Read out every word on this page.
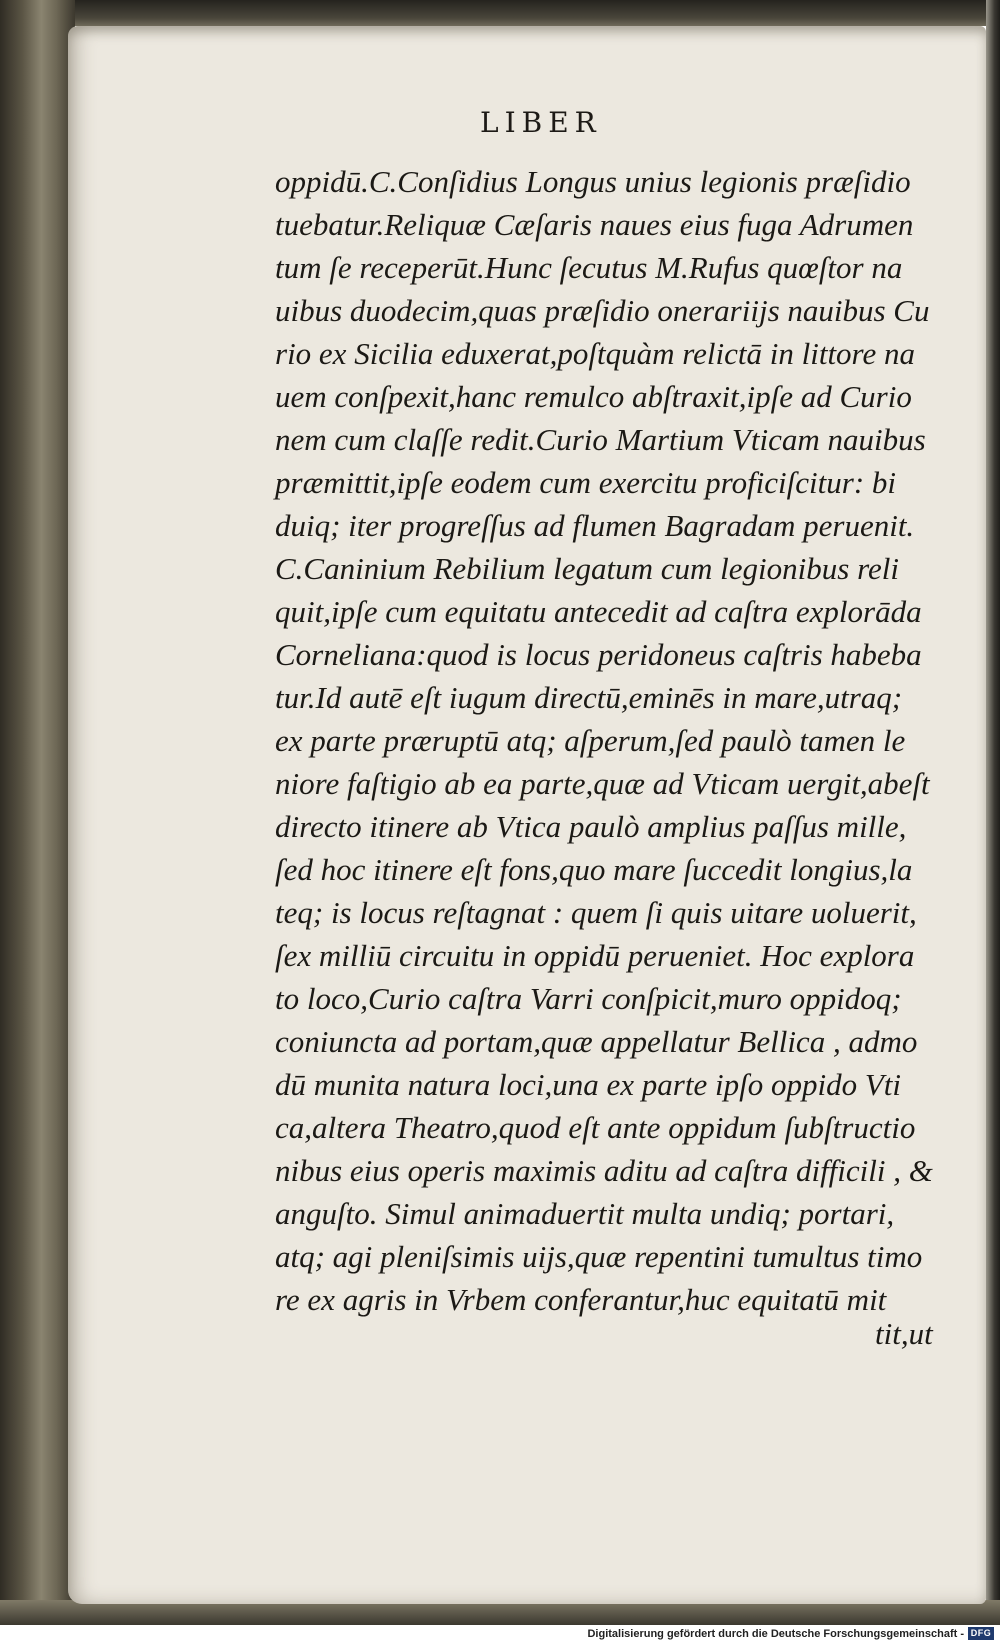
LIBER
oppidū.C.Conſidius Longus unius legionis præſidio
tuebatur.Reliquæ Cæſaris naues eius fuga Adrumen
tum ſe receperūt.Hunc ſecutus M.Rufus quœſtor na
uibus duodecim,quas præſidio onerariijs nauibus Cu
rio ex Sicilia eduxerat,poſtquàm relictā in littore na
uem conſpexit,hanc remulco abſtraxit,ipſe ad Curio
nem cum claſſe redit.Curio Martium Vticam nauibus
præmittit,ipſe eodem cum exercitu proficiſcitur: bi
duiq; iter progreſſus ad flumen Bagradam peruenit.
C.Caninium Rebilium legatum cum legionibus reli
quit,ipſe cum equitatu antecedit ad caſtra explorāda
Corneliana:quod is locus peridoneus caſtris habeba
tur.Id autē eſt iugum directū,eminēs in mare,utraq;
ex parte præruptū atq; aſperum,ſed paulò tamen le
niore faſtigio ab ea parte,quæ ad Vticam uergit,abeſt
directo itinere ab Vtica paulò amplius paſſus mille,
ſed hoc itinere eſt fons,quo mare ſuccedit longius,la
teq; is locus reſtagnat : quem ſi quis uitare uoluerit,
ſex milliū circuitu in oppidū perueniet. Hoc explora
to loco,Curio caſtra Varri conſpicit,muro oppidoq;
coniuncta ad portam,quæ appellatur Bellica , admo
dū munita natura loci,una ex parte ipſo oppido Vti
ca,altera Theatro,quod eſt ante oppidum ſubſtructio
nibus eius operis maximis aditu ad caſtra difficili , &
anguſto. Simul animaduertit multa undiq; portari,
atq; agi pleniſsimis uijs,quæ repentini tumultus timo
re ex agris in Vrbem conferantur,huc equitatū mit
tit,ut
Digitalisierung gefördert durch die Deutsche Forschungsgemeinschaft - DFG
